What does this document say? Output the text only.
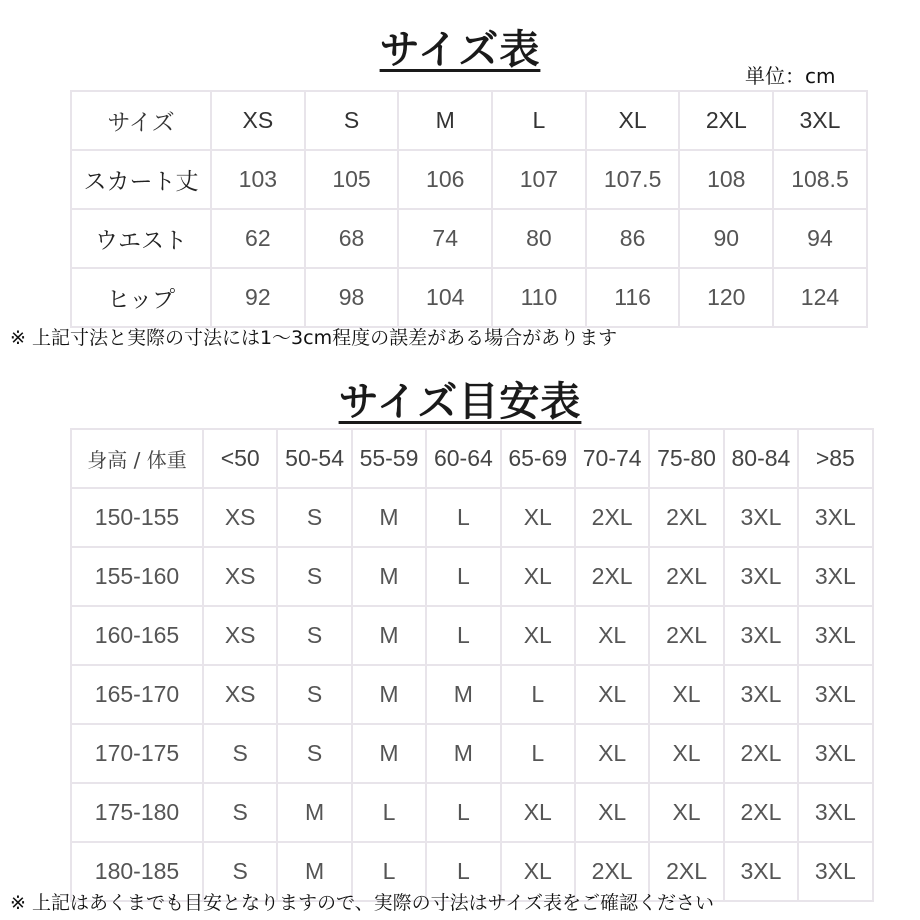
サイズ表
単位：cm
サイズ	XS	S	M	L	XL	2XL	3XL
スカート丈	103	105	106	107	107.5	108	108.5
ウエスト	62	68	74	80	86	90	94
ヒップ	92	98	104	110	116	120	124
※ 上記寸法と実際の寸法には1〜3cm程度の誤差がある場合があります
サイズ目安表
身高 / 体重	<50	50-54	55-59	60-64	65-69	70-74	75-80	80-84	>85
150-155	XS	S	M	L	XL	2XL	2XL	3XL	3XL
155-160	XS	S	M	L	XL	2XL	2XL	3XL	3XL
160-165	XS	S	M	L	XL	XL	2XL	3XL	3XL
165-170	XS	S	M	M	L	XL	XL	3XL	3XL
170-175	S	S	M	M	L	XL	XL	2XL	3XL
175-180	S	M	L	L	XL	XL	XL	2XL	3XL
180-185	S	M	L	L	XL	2XL	2XL	3XL	3XL
※ 上記はあくまでも目安となりますので、実際の寸法はサイズ表をご確認ください
